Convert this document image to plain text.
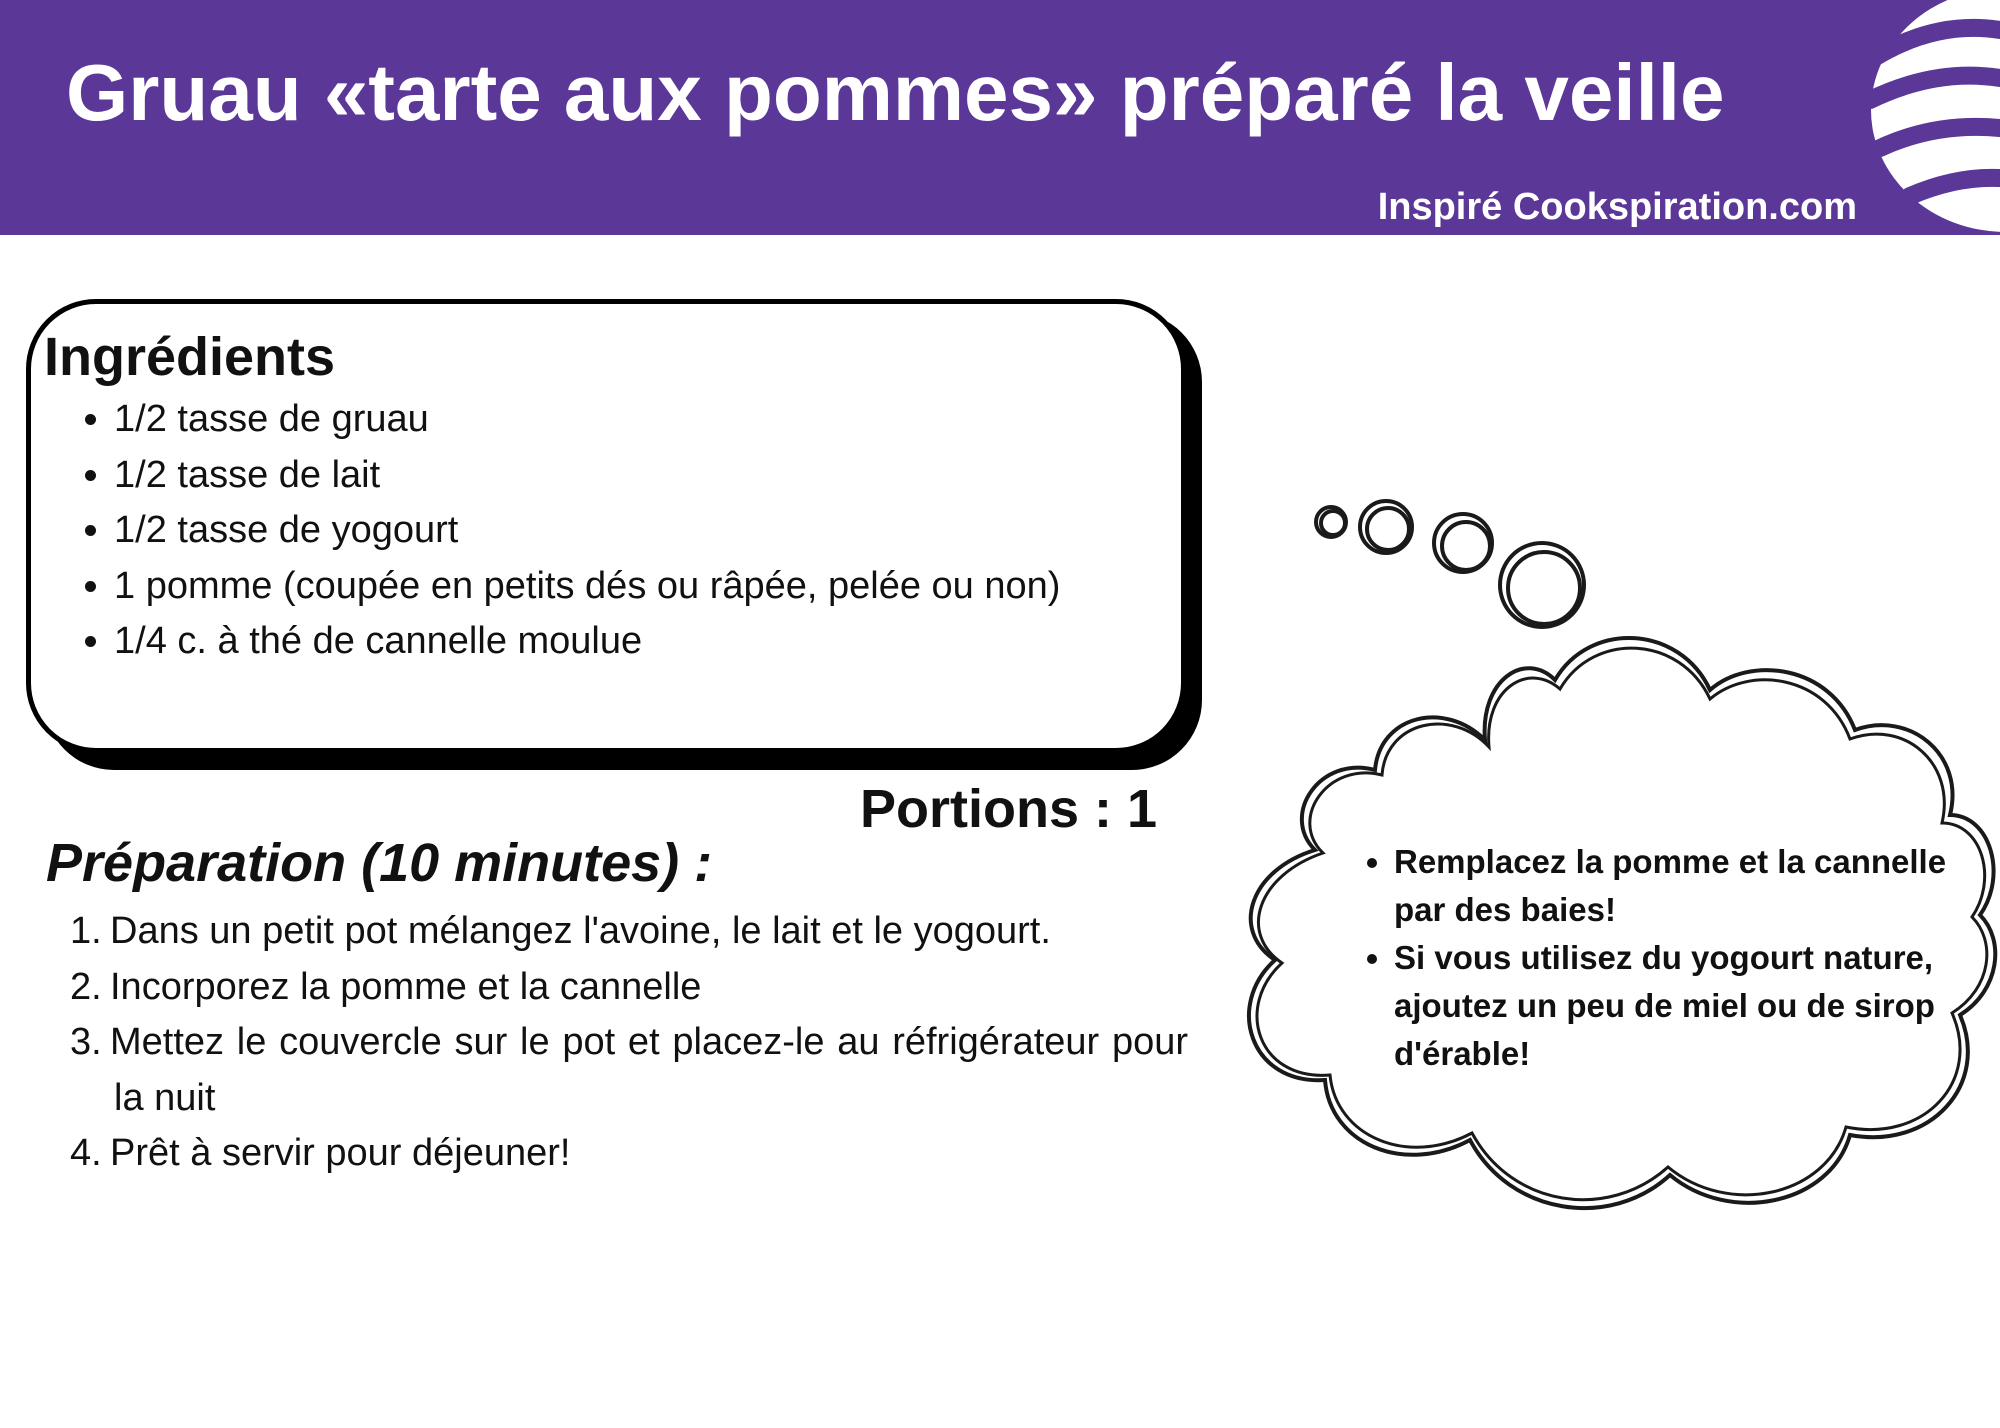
Gruau «tarte aux pommes» préparé la veille
Inspiré Cookspiration.com
Ingrédients
• 1/2 tasse de gruau
• 1/2 tasse de lait
• 1/2 tasse de yogourt
• 1 pomme (coupée en petits dés ou râpée, pelée ou non)
• 1/4 c. à thé de cannelle moulue
Portions : 1
Préparation (10 minutes) :
1. Dans un petit pot mélangez l'avoine, le lait et le yogourt.
2. Incorporez la pomme et la cannelle
3. Mettez le couvercle sur le pot et placez-le au réfrigérateur pour la nuit
4. Prêt à servir pour déjeuner!
• Remplacez la pomme et la cannelle par des baies!
• Si vous utilisez du yogourt nature, ajoutez un peu de miel ou de sirop d'érable!
